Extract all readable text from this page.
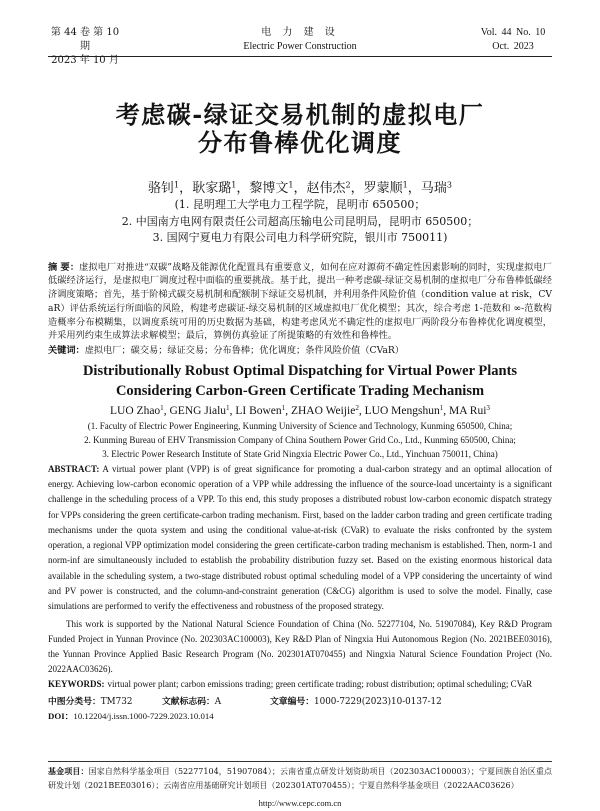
第 44 卷 第 10 期
2023 年 10 月
电 力 建 设
Electric Power Construction
Vol. 44 No. 10
Oct. 2023
考虑碳-绿证交易机制的虚拟电厂
分布鲁棒优化调度
骆钊$^1$， 耿家璐$^1$， 黎博文$^1$， 赵伟杰$^2$， 罗蒙顺$^1$， 马瑞$^3$
(1. 昆明理工大学电力工程学院，昆明市 650500；
2. 中国南方电网有限责任公司超高压输电公司昆明局，昆明市 650500；
3. 国网宁夏电力有限公司电力科学研究院，银川市 750011)

摘 要：虚拟电厂对推进“双碳”战略及能源优化配置具有重要意义，如何在应对源荷不确定性因素影响的同时，实现虚拟电厂低碳经济运行，是虚拟电厂调度过程中面临的重要挑战。基于此，提出一种考虑碳-绿证交易机制的虚拟电厂分布鲁棒低碳经济调度策略；首先，基于阶梯式碳交易机制和配额制下绿证交易机制，并利用条件风险价值（condition value at risk，CVaR）评估系统运行所面临的风险，构建考虑碳证-绿交易机制的区域虚拟电厂优化模型；其次，综合考虑 1-范数和 ∞-范数构造概率分布模糊集，以调度系统可用的历史数据为基础，构建考虑风光不确定性的虚拟电厂两阶段分布鲁棒优化调度模型，并采用列约束生成算法求解模型；最后，算例仿真验证了所提策略的有效性和鲁棒性。

关键词：虚拟电厂；碳交易；绿证交易；分布鲁棒；优化调度；条件风险价值（CVaR）

Distributionally Robust Optimal Dispatching for Virtual Power Plants
Considering Carbon-Green Certificate Trading Mechanism
LUO Zhao$^1$, GENG Jialu$^1$, LI Bowen$^1$, ZHAO Weijie$^2$, LUO Mengshun$^1$, MA Rui$^3$
(1. Faculty of Electric Power Engineering, Kunming University of Science and Technology, Kunming 650500, China;
2. Kunming Bureau of EHV Transmission Company of China Southern Power Grid Co., Ltd., Kunming 650500, China;
3. Electric Power Research Institute of State Grid Ningxia Electric Power Co., Ltd., Yinchuan 750011, China)

ABSTRACT: A virtual power plant (VPP) is of great significance for promoting a dual-carbon strategy and an optimal allocation of energy. Achieving low-carbon economic operation of a VPP while addressing the influence of the source-load uncertainty is a significant challenge in the scheduling process of a VPP. To this end, this study proposes a distributed robust low-carbon economic dispatch strategy for VPPs considering the green certificate-carbon trading mechanism. First, based on the ladder carbon trading and green certificate trading mechanisms under the quota system and using the conditional value-at-risk (CVaR) to evaluate the risks confronted by the system operation, a regional VPP optimization model considering the green certificate-carbon trading mechanism is established. Then, norm-1 and norm-inf are simultaneously included to establish the probability distribution fuzzy set. Based on the existing enormous historical data available in the scheduling system, a two-stage distributed robust optimal scheduling model of a VPP considering the uncertainty of wind and PV power is constructed, and the column-and-constraint generation (C&CG) algorithm is used to solve the model. Finally, case simulations are performed to verify the effectiveness and robustness of the proposed strategy.

This work is supported by the National Natural Science Foundation of China (No. 52277104, No. 51907084), Key R&D Program Funded Project in Yunnan Province (No. 202303AC100003), Key R&D Plan of Ningxia Hui Autonomous Region (No. 2021BEE03016), the Yunnan Province Applied Basic Research Program (No. 202301AT070455) and Ningxia Natural Science Foundation Project (No. 2022AAC03626).

KEYWORDS: virtual power plant; carbon emissions trading; green certificate trading; robust distribution; optimal scheduling; CVaR

中图分类号：TM732	文献标志码：A	文章编号：1000-7229(2023)10-0137-12
DOI：10.12204/j.issn.1000-7229.2023.10.014
基金项目：国家自然科学基金项目（52277104，51907084）；云南省重点研发计划资助项目（202303AC100003）；宁夏回族自治区重点研发计划（2021BEE03016）；云南省应用基础研究计划项目（202301AT070455）；宁夏自然科学基金项目（2022AAC03626）
http://www.cepc.com.cn
